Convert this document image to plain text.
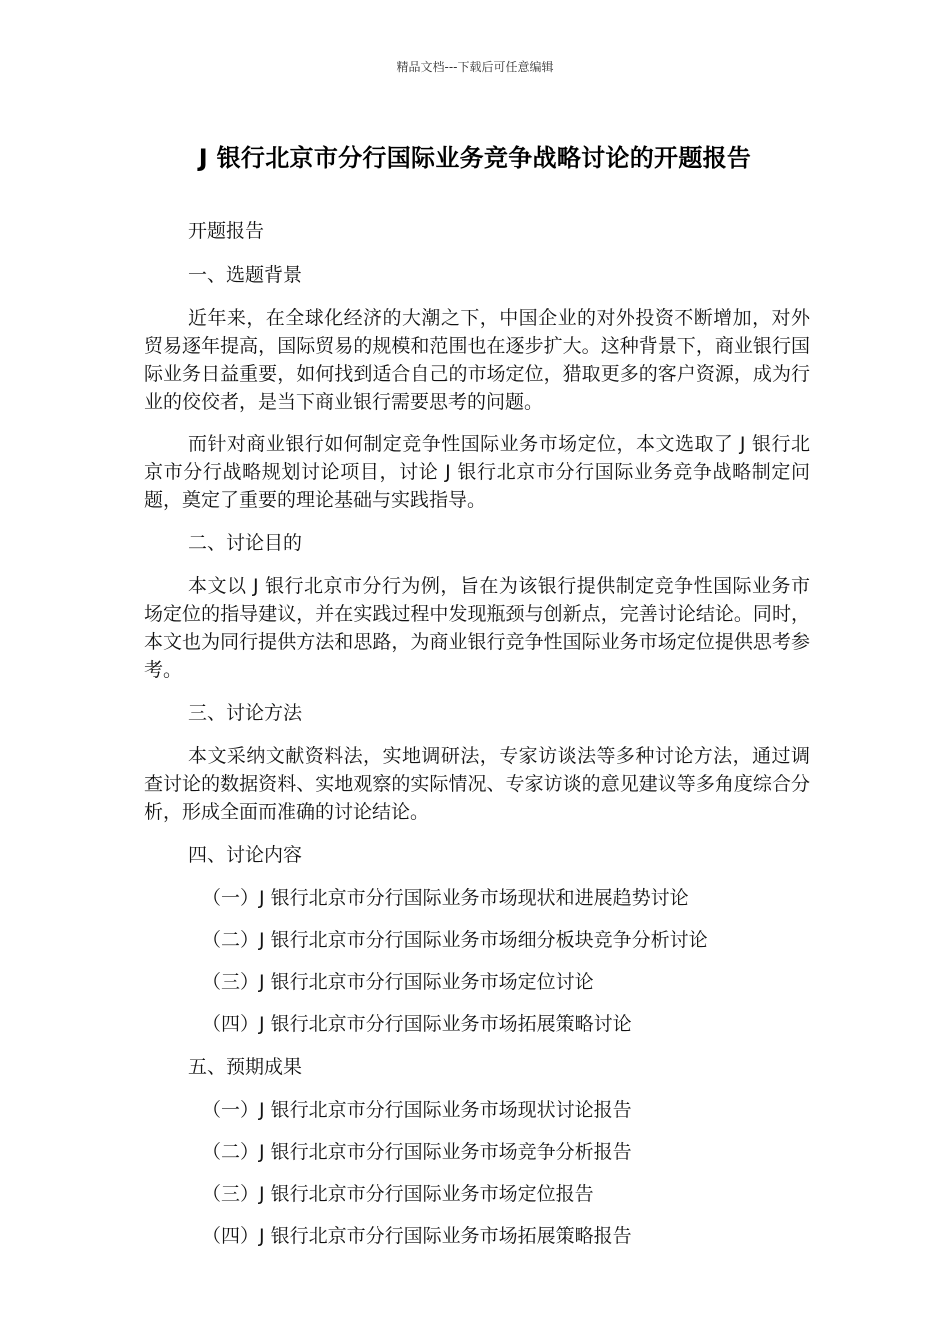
精品文档---下载后可任意编辑
J 银行北京市分行国际业务竞争战略讨论的开题报告
开题报告
一、选题背景

近年来，在全球化经济的大潮之下，中国企业的对外投资不断增加，对外贸易逐年提高，国际贸易的规模和范围也在逐步扩大。这种背景下，商业银行国际业务日益重要，如何找到适合自己的市场定位，猎取更多的客户资源，成为行业的佼佼者，是当下商业银行需要思考的问题。

而针对商业银行如何制定竞争性国际业务市场定位，本文选取了 J 银行北京市分行战略规划讨论项目，讨论 J 银行北京市分行国际业务竞争战略制定问题，奠定了重要的理论基础与实践指导。

二、讨论目的

本文以 J 银行北京市分行为例，旨在为该银行提供制定竞争性国际业务市场定位的指导建议，并在实践过程中发现瓶颈与创新点，完善讨论结论。同时，本文也为同行提供方法和思路，为商业银行竞争性国际业务市场定位提供思考参考。

三、讨论方法

本文采纳文献资料法，实地调研法，专家访谈法等多种讨论方法，通过调查讨论的数据资料、实地观察的实际情况、专家访谈的意见建议等多角度综合分析，形成全面而准确的讨论结论。

四、讨论内容
（一）J 银行北京市分行国际业务市场现状和进展趋势讨论
（二）J 银行北京市分行国际业务市场细分板块竞争分析讨论
（三）J 银行北京市分行国际业务市场定位讨论
（四）J 银行北京市分行国际业务市场拓展策略讨论
五、预期成果
（一）J 银行北京市分行国际业务市场现状讨论报告
（二）J 银行北京市分行国际业务市场竞争分析报告
（三）J 银行北京市分行国际业务市场定位报告
（四）J 银行北京市分行国际业务市场拓展策略报告
